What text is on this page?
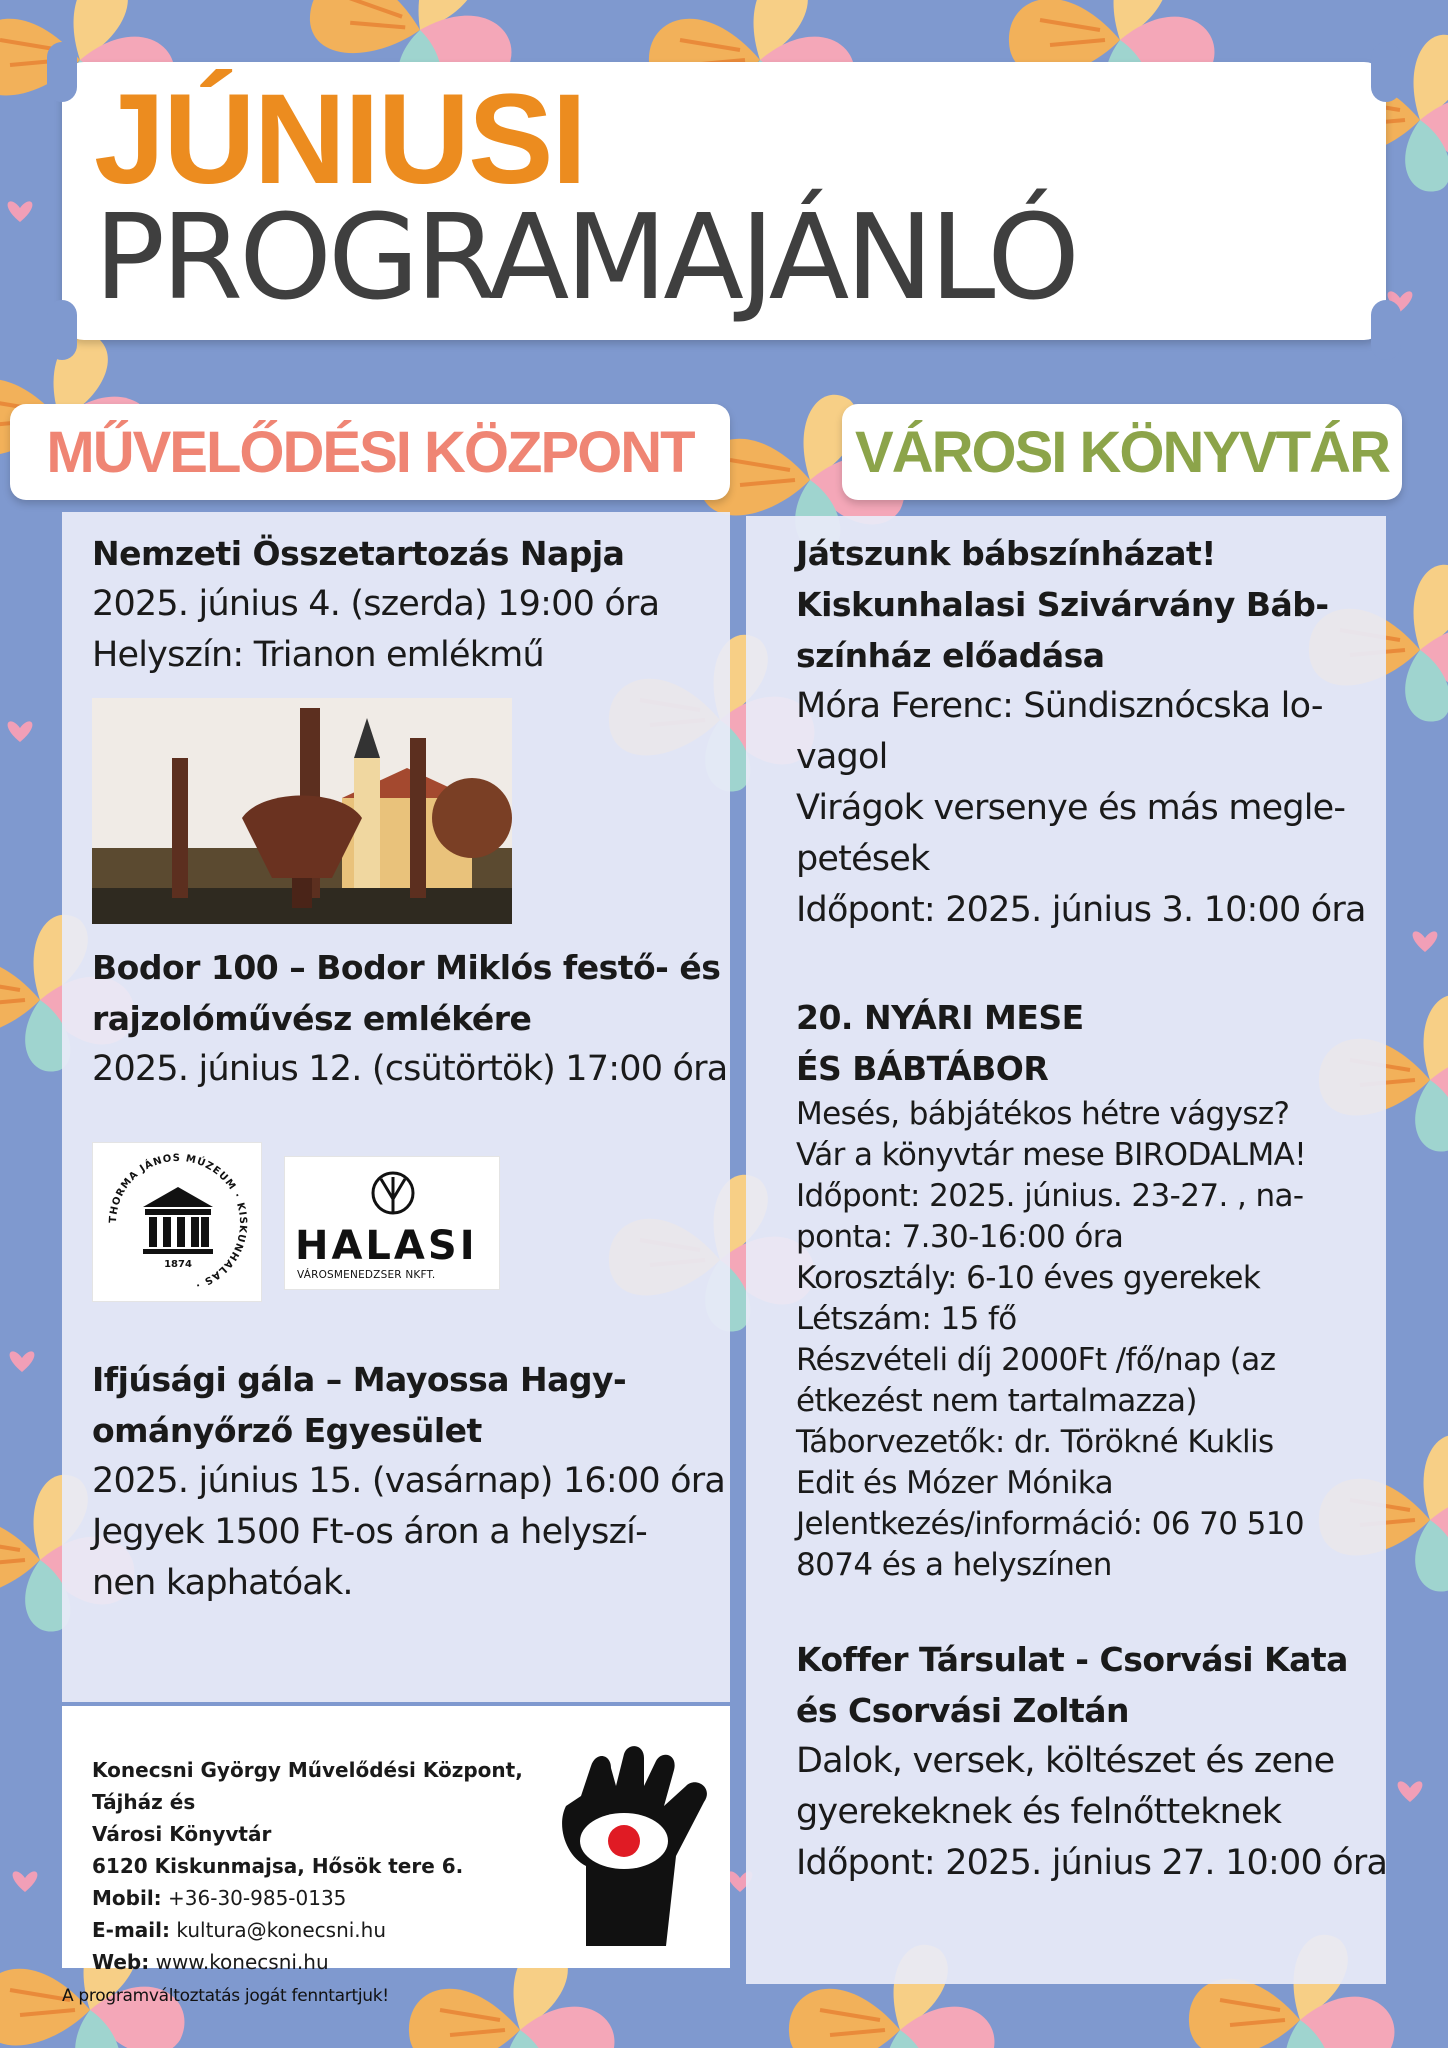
JÚNIUSI
PROGRAMAJÁNLÓ
MŰVELŐDÉSI KÖZPONT	VÁROSI KÖNYVTÁR
Nemzeti Összetartozás Napja
2025. június 4. (szerda) 19:00 óra
Helyszín: Trianon emlékmű
Bodor 100 – Bodor Miklós festő- és
rajzolóművész emlékére
2025. június 12. (csütörtök) 17:00 óra
THORMA JÁNOS MÚZEUM · KISKUNHALAS ·
1874	HALASI
VÁROSMENEDZSER NKFT.
Ifjúsági gála – Mayossa Hagy-
ományőrző Egyesület
2025. június 15. (vasárnap) 16:00 óra
Jegyek 1500 Ft-os áron a helyszí-
nen kaphatóak.
Konecsni György Művelődési Központ, Tájház és
Városi Könyvtár
6120 Kiskunmajsa, Hősök tere 6.
Mobil: +36-30-985-0135
E-mail: kultura@konecsni.hu
Web: www.konecsni.hu
A programváltoztatás jogát fenntartjuk!
Játszunk bábszínházat!
Kiskunhalasi Szivárvány Báb-
színház előadása
Móra Ferenc: Sündisznócska lo-
vagol
Virágok versenye és más megle-
petések
Időpont: 2025. június 3. 10:00 óra
20. NYÁRI MESE
ÉS BÁBTÁBOR
Mesés, bábjátékos hétre vágysz?
Vár a könyvtár mese BIRODALMA!
Időpont: 2025. június. 23-27. , na-
ponta: 7.30-16:00 óra
Korosztály: 6-10 éves gyerekek
Létszám: 15 fő
Részvételi díj 2000Ft /fő/nap (az
étkezést nem tartalmazza)
Táborvezetők: dr. Törökné Kuklis
Edit és Mózer Mónika
Jelentkezés/információ: 06 70 510
8074 és a helyszínen
Koffer Társulat - Csorvási Kata
és Csorvási Zoltán
Dalok, versek, költészet és zene
gyerekeknek és felnőtteknek
Időpont: 2025. június 27. 10:00 óra
